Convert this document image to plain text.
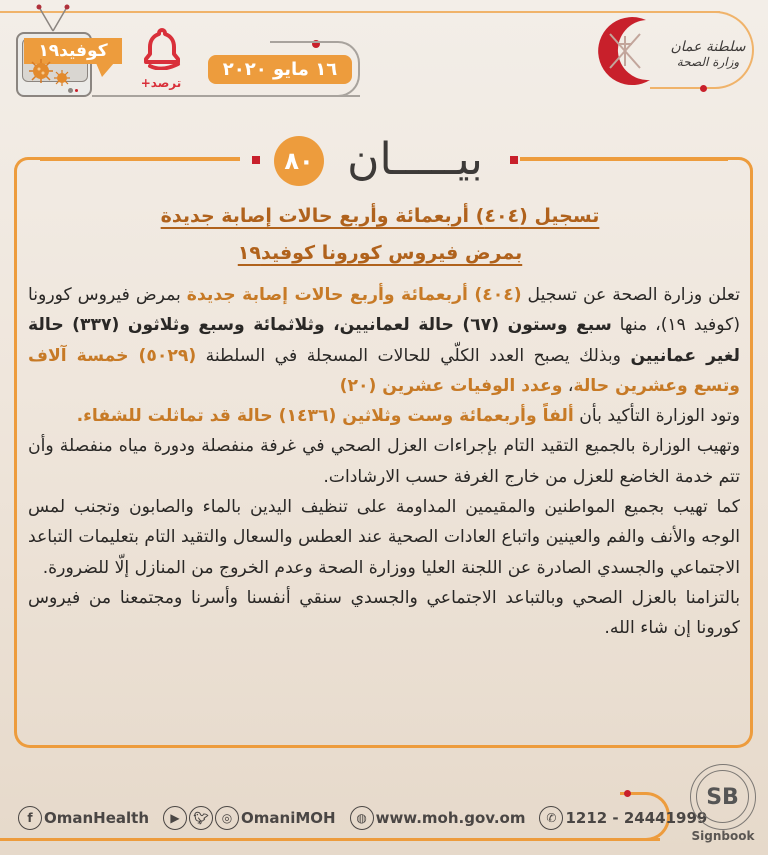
كوفيد١٩
ترصد+
١٦ مايو ٢٠٢٠
سلطنة عمان
وزارة الصحة
بيـــــان
٨٠
تسجيل (٤٠٤) أربعمائة وأربع حالات إصابة جديدة
بمرض فيروس كورونا كوفيد١٩

تعلن وزارة الصحة عن تسجيل (٤٠٤) أربعمائة وأربع حالات إصابة جديدة بمرض فيروس كورونا (كوفيد ١٩)، منها سبع وستون (٦٧) حالة لعمانيين، وثلاثمائة وسبع وثلاثون (٣٣٧) حالة لغير عمانيين وبذلك يصبح العدد الكلّي للحالات المسجلة في السلطنة (٥٠٢٩) خمسة آلاف وتسع وعشرين حالة، وعدد الوفيات عشرين (٢٠)

وتود الوزارة التأكيد بأن ألفاً وأربعمائة وست وثلاثين (١٤٣٦) حالة قد تماثلت للشفاء.

وتهيب الوزارة بالجميع التقيد التام بإجراءات العزل الصحي في غرفة منفصلة ودورة مياه منفصلة وأن تتم خدمة الخاضع للعزل من خارج الغرفة حسب الارشادات.

كما تهيب بجميع المواطنين والمقيمين المداومة على تنظيف اليدين بالماء والصابون وتجنب لمس الوجه والأنف والفم والعينين واتباع العادات الصحية عند العطس والسعال والتقيد التام بتعليمات التباعد الاجتماعي والجسدي الصادرة عن اللجنة العليا ووزارة الصحة وعدم الخروج من المنازل إلّا للضرورة.

بالتزامنا بالعزل الصحي وبالتباعد الاجتماعي والجسدي سنقي أنفسنا وأسرنا ومجتمعنا من فيروس كورونا إن شاء الله.

f OmanHealth	▶	🐦︎	◎ OmaniMOH	◍ www.moh.gov.om	✆ 1212 - 24441999
SB
Signbook
